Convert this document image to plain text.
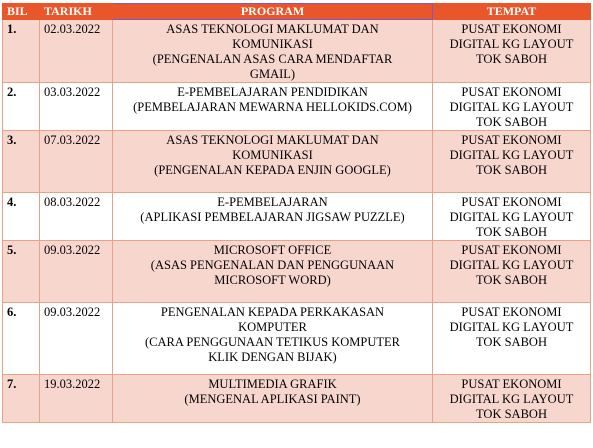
BIL	TARIKH	PROGRAM	TEMPAT
1.	02.03.2022	ASAS TEKNOLOGI MAKLUMAT DAN
KOMUNIKASI
(PENGENALAN ASAS CARA MENDAFTAR
GMAIL)	PUSAT EKONOMI
DIGITAL KG LAYOUT
TOK SABOH

2.	03.03.2022	E-PEMBELAJARAN PENDIDIKAN
(PEMBELAJARAN MEWARNA HELLOKIDS.COM)	PUSAT EKONOMI
DIGITAL KG LAYOUT
TOK SABOH

3.	07.03.2022	ASAS TEKNOLOGI MAKLUMAT DAN
KOMUNIKASI
(PENGENALAN KEPADA ENJIN GOOGLE)	PUSAT EKONOMI
DIGITAL KG LAYOUT
TOK SABOH

4.	08.03.2022	E-PEMBELAJARAN
(APLIKASI PEMBELAJARAN JIGSAW PUZZLE)	PUSAT EKONOMI
DIGITAL KG LAYOUT
TOK SABOH

5.	09.03.2022	MICROSOFT OFFICE
(ASAS PENGENALAN DAN PENGGUNAAN
MICROSOFT WORD)	PUSAT EKONOMI
DIGITAL KG LAYOUT
TOK SABOH

6.	09.03.2022	PENGENALAN KEPADA PERKAKASAN
KOMPUTER
(CARA PENGGUNAAN TETIKUS KOMPUTER
KLIK DENGAN BIJAK)	PUSAT EKONOMI
DIGITAL KG LAYOUT
TOK SABOH

7.	19.03.2022	MULTIMEDIA GRAFIK
(MENGENAL APLIKASI PAINT)	PUSAT EKONOMI
DIGITAL KG LAYOUT
TOK SABOH
